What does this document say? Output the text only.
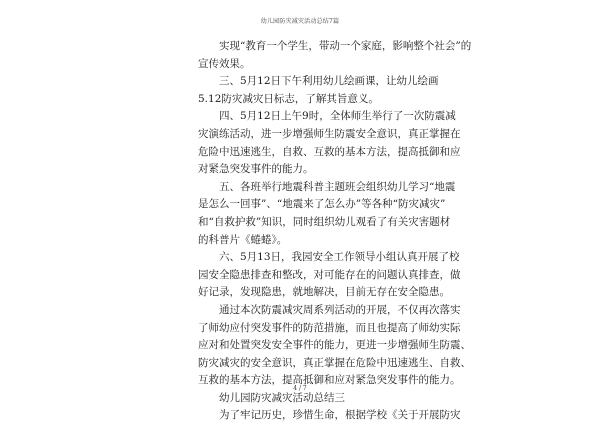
幼儿园防灾减灾活动总结7篇

实现“教育一个学生，带动一个家庭，影响整个社会”的
宣传效果。

三、5月12日下午利用幼儿绘画课，让幼儿绘画
5.12防灾减灾日标志，了解其旨意义。

四、5月12日上午9时，全体师生举行了一次防震减
灾演练活动，进一步增强师生防震安全意识，真正掌握在
危险中迅速逃生，自救、互救的基本方法，提高抵御和应
对紧急突发事件的能力。

五、各班举行地震科普主题班会组织幼儿学习“地震
是怎么一回事”、“地震来了怎么办”等各种“防灾减灾”
和“自救护救”知识，同时组织幼儿观看了有关灾害题材
的科普片《蜷蜷》。

六、5月13日，我园安全工作领导小组认真开展了校
园安全隐患排查和整改，对可能存在的问题认真排查，做
好记录，发现隐患，就地解决，目前无存在安全隐患。

通过本次防震减灾周系列活动的开展，不仅再次落实
了师幼应付突发事件的防范措施，而且也提高了师幼实际
应对和处置突发安全事件的能力，更进一步增强师生防震、
防灾减灾的安全意识，真正掌握在危险中迅速逃生、自救、
互救的基本方法，提高抵御和应对紧急突发事件的能力。

幼儿园防灾减灾活动总结三

为了牢记历史，珍惜生命，根据学校《关于开展防灾

4 / 7
